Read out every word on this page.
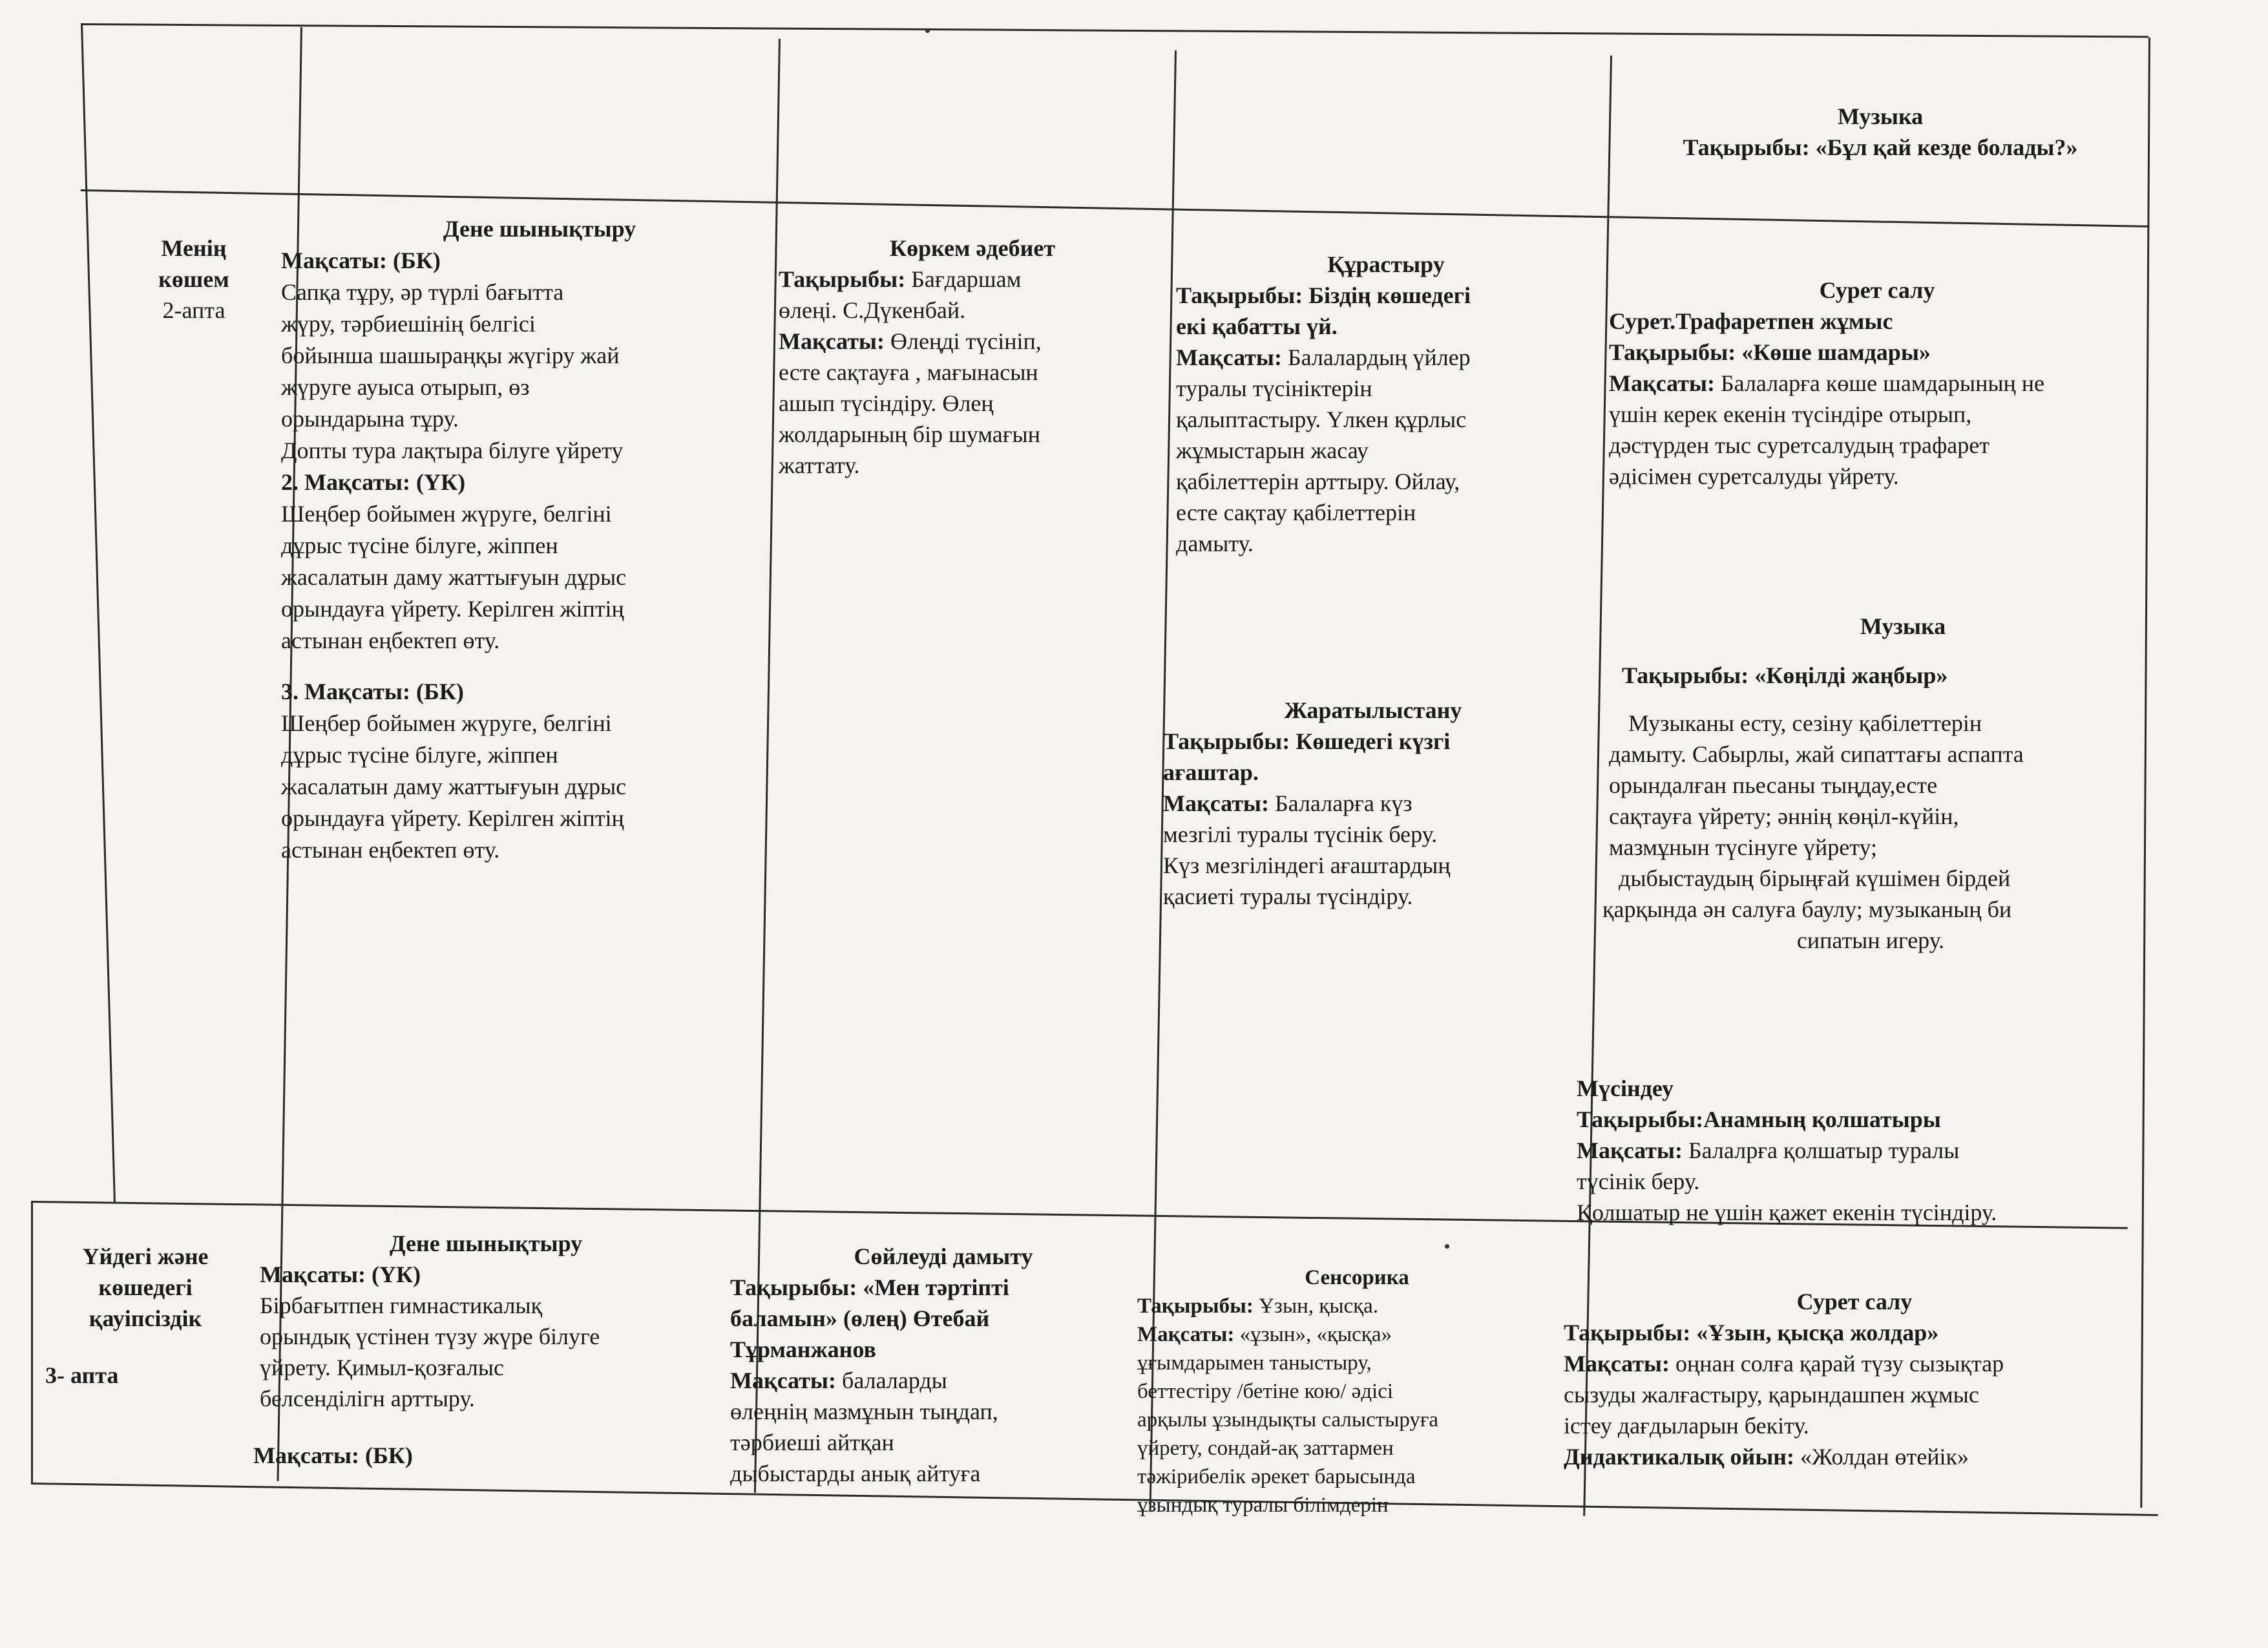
Музыка
Тақырыбы: «Бұл қай кезде болады?»
Менің
көшем
2-апта
Дене шынықтыру
Мақсаты: (БК)
Сапқа тұру, әр түрлі бағытта
жүру, тәрбиешінің белгісі
бойынша шашыраңқы жүгіру жай
жүруге ауыса отырып, өз
орындарына тұру.
Допты тура лақтыра білуге үйрету
2. Мақсаты: (ҮК)
Шеңбер бойымен жүруге, белгіні
дұрыс түсіне білуге, жіппен
жасалатын даму жаттығуын дұрыс
орындауға үйрету. Керілген жіптің
астынан еңбектеп өту.
3. Мақсаты: (БК)
Шеңбер бойымен жүруге, белгіні
дұрыс түсіне білуге, жіппен
жасалатын даму жаттығуын дұрыс
орындауға үйрету. Керілген жіптің
астынан еңбектеп өту.
Көркем әдебиет
Тақырыбы: Бағдаршам
өлеңі. С.Дүкенбай.
Мақсаты: Өлеңді түсініп,
есте сақтауға , мағынасын
ашып түсіндіру. Өлең
жолдарының бір шумағын
жаттату.
Құрастыру
Тақырыбы: Біздің көшедегі
екі қабатты үй.
Мақсаты: Балалардың үйлер
туралы түсініктерін
қалыптастыру. Үлкен құрлыс
жұмыстарын жасау
қабілеттерін арттыру. Ойлау,
есте сақтау қабілеттерін
дамыту.
Жаратылыстану
Тақырыбы: Көшедегі күзгі
ағаштар.
Мақсаты: Балаларға күз
мезгілі туралы түсінік беру.
Күз мезгіліндегі ағаштардың
қасиеті туралы түсіндіру.
Сурет салу
Сурет.Трафаретпен жұмыс
Тақырыбы: «Көше шамдары»
Мақсаты: Балаларға көше шамдарының не
үшін керек екенін түсіндіре отырып,
дәстүрден тыс суретсалудың трафарет
әдісімен суретсалуды үйрету.
Музыка
Тақырыбы: «Көңілді жаңбыр»
Музыканы есту, сезіну қабілеттерін
дамыту. Сабырлы, жай сипаттағы аспапта
орындалған пьесаны тыңдау,есте
сақтауға үйрету; әннің көңіл-күйін,
мазмұнын түсінуге үйрету;
дыбыстаудың бірыңғай күшімен бірдей
қарқында ән салуға баулу; музыканың би
сипатын игеру.
Мүсіндеу
Тақырыбы:Анамның қолшатыры
Мақсаты: Балалрға қолшатыр туралы
түсінік беру.
Қолшатыр не үшін қажет екенін түсіндіру.
Үйдегі және
көшедегі
қауіпсіздік
3- апта
Дене шынықтыру
Мақсаты: (ҮК)
Бірбағытпен гимнастикалық
орындық үстінен түзу жүре білуге
үйрету. Қимыл-қозғалыс
белсенділігн арттыру.
Мақсаты: (БК)
Сөйлеуді дамыту
Тақырыбы: «Мен тәртіпті
баламын» (өлең) Өтебай
Тұрманжанов
Мақсаты: балаларды
өлеңнің мазмұнын тыңдап,
тәрбиеші айтқан
дыбыстарды анық айтуға
Сенсорика
Тақырыбы: Ұзын, қысқа.
Мақсаты: «ұзын», «қысқа»
ұғымдарымен таныстыру,
беттестіру /бетіне кою/ әдісі
арқылы ұзындықты салыстыруға
үйрету, сондай-ақ заттармен
тәжірибелік әрекет барысында
ұзындық туралы білімдерін
Сурет салу
Тақырыбы: «Ұзын, қысқа жолдар»
Мақсаты: оңнан солға қарай түзу сызықтар
сызуды жалғастыру, қарындашпен жұмыс
істеу дағдыларын бекіту.
Дидактикалық ойын: «Жолдан өтейік»
